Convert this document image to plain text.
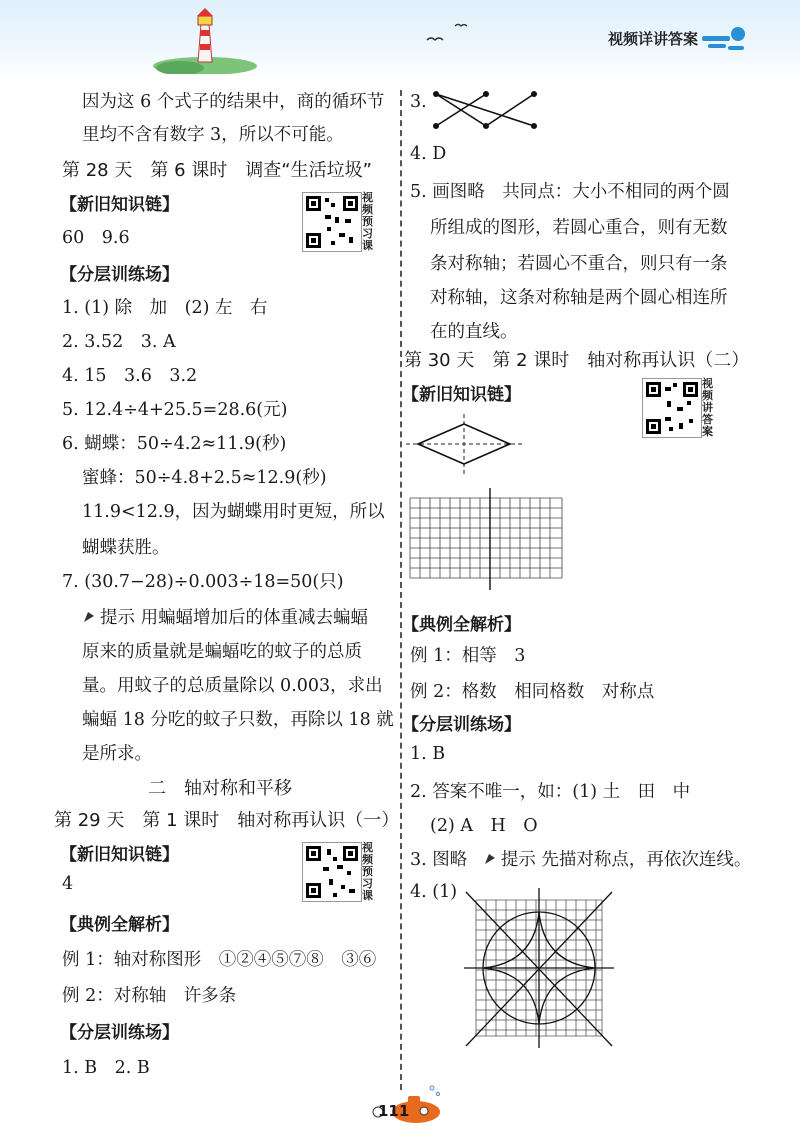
视频详讲答案
因为这 6 个式子的结果中，商的循环节
里均不含有数字 3，所以不可能。
第 28 天　第 6 课时　调查“生活垃圾”
【新旧知识链】
60　9.6
【分层训练场】
1. (1) 除　加　(2) 左　右
2. 3.52　3. A
4. 15　3.6　3.2
5. 12.4÷4+25.5=28.6(元)
6. 蝴蝶：50÷4.2≈11.9(秒)
蜜蜂：50÷4.8+2.5≈12.9(秒)
11.9<12.9，因为蝴蝶用时更短，所以
蝴蝶获胜。
7. (30.7−28)÷0.003÷18=50(只)
提示 用蝙蝠增加后的体重减去蝙蝠
原来的质量就是蝙蝠吃的蚊子的总质
量。用蚊子的总质量除以 0.003，求出
蝙蝠 18 分吃的蚊子只数，再除以 18 就
是所求。
二　轴对称和平移
第 29 天　第 1 课时　轴对称再认识（一）
【新旧知识链】
4
【典例全解析】
例 1：轴对称图形　①②④⑤⑦⑧　③⑥
例 2：对称轴　许多条
【分层训练场】
1. B　2. B
视
频
预
习
课
视
频
预
习
课
视
频
讲
答
案
3.
4. D
5. 画图略　共同点：大小不相同的两个圆
所组成的图形，若圆心重合，则有无数
条对称轴；若圆心不重合，则只有一条
对称轴，这条对称轴是两个圆心相连所
在的直线。
第 30 天　第 2 课时　轴对称再认识（二）
【新旧知识链】
【典例全解析】
例 1：相等　3
例 2：格数　相同格数　对称点
【分层训练场】
1. B
2. 答案不唯一，如：(1) 土　田　中
(2) A　H　O
3. 图略 提示 先描对称点，再依次连线。
4. (1)
111
